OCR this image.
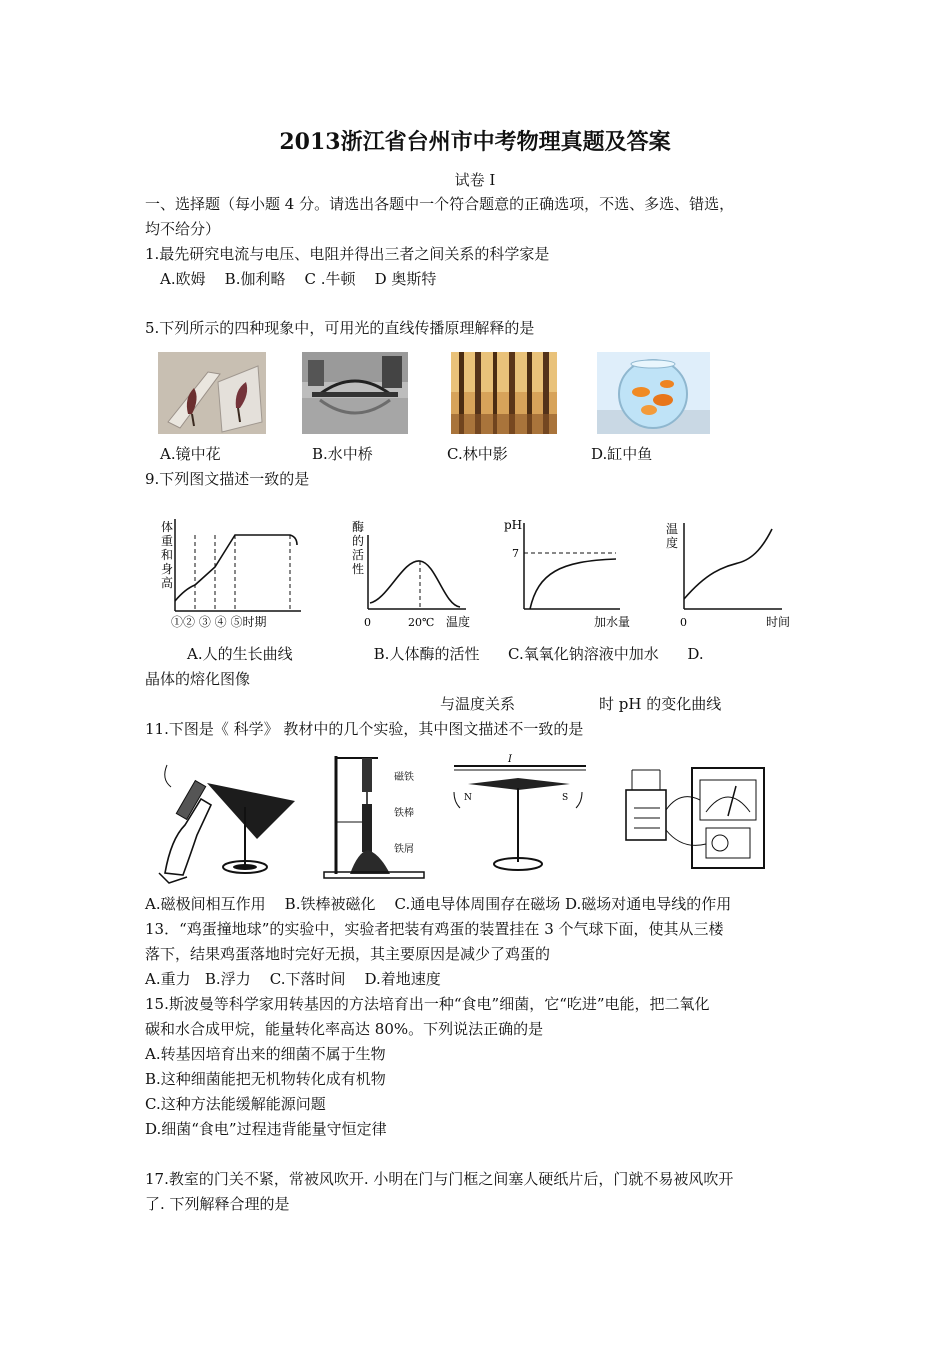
2013浙江省台州市中考物理真题及答案
试卷 I
一、选择题（每小题 4 分。请选出各题中一个符合题意的正确选项，不选、多选、错选，
均不给分）
1.最先研究电流与电压、电阻并得出三者之间关系的科学家是
A.欧姆    B.伽利略    C .牛顿    D 奥斯特
5.下列所示的四种现象中，可用光的直线传播原理解释的是
A.镜中花	B.水中桥	C.林中影	D.缸中鱼
9.下列图文描述一致的是
体
重
和
身
高
①② ③ ④ ⑤时期
酶
的
活
性
0	20℃ 温度
pH
7
加水量
温
度
0	时间
A.人的生长曲线                 B.人体酶的活性      C.氧氧化钠溶液中加水      D.
晶体的熔化图像
与温度关系	时 pH 的变化曲线
11.下图是《 科学》 教材中的几个实验，其中图文描述不一致的是
磁铁
铁棒
铁屑
I
N	S
A.磁极间相互作用    B.铁棒被磁化    C.通电导体周围存在磁场 D.磁场对通电导线的作用
13．“鸡蛋撞地球”的实验中，实验者把装有鸡蛋的装置挂在 3 个气球下面，使其从三楼
落下，结果鸡蛋落地时完好无损，其主要原因是减少了鸡蛋的
A.重力   B.浮力    C.下落时间    D.着地速度
15.斯波曼等科学家用转基因的方法培育出一种“食电”细菌，它“吃进”电能，把二氧化
碳和水合成甲烷，能量转化率高达 80%。下列说法正确的是
A.转基因培育出来的细菌不属于生物
B.这种细菌能把无机物转化成有机物
C.这种方法能缓解能源问题
D.细菌“食电”过程违背能量守恒定律
17.教室的门关不紧，常被风吹开. 小明在门与门框之间塞人硬纸片后，门就不易被风吹开
了. 下列解释合理的是
